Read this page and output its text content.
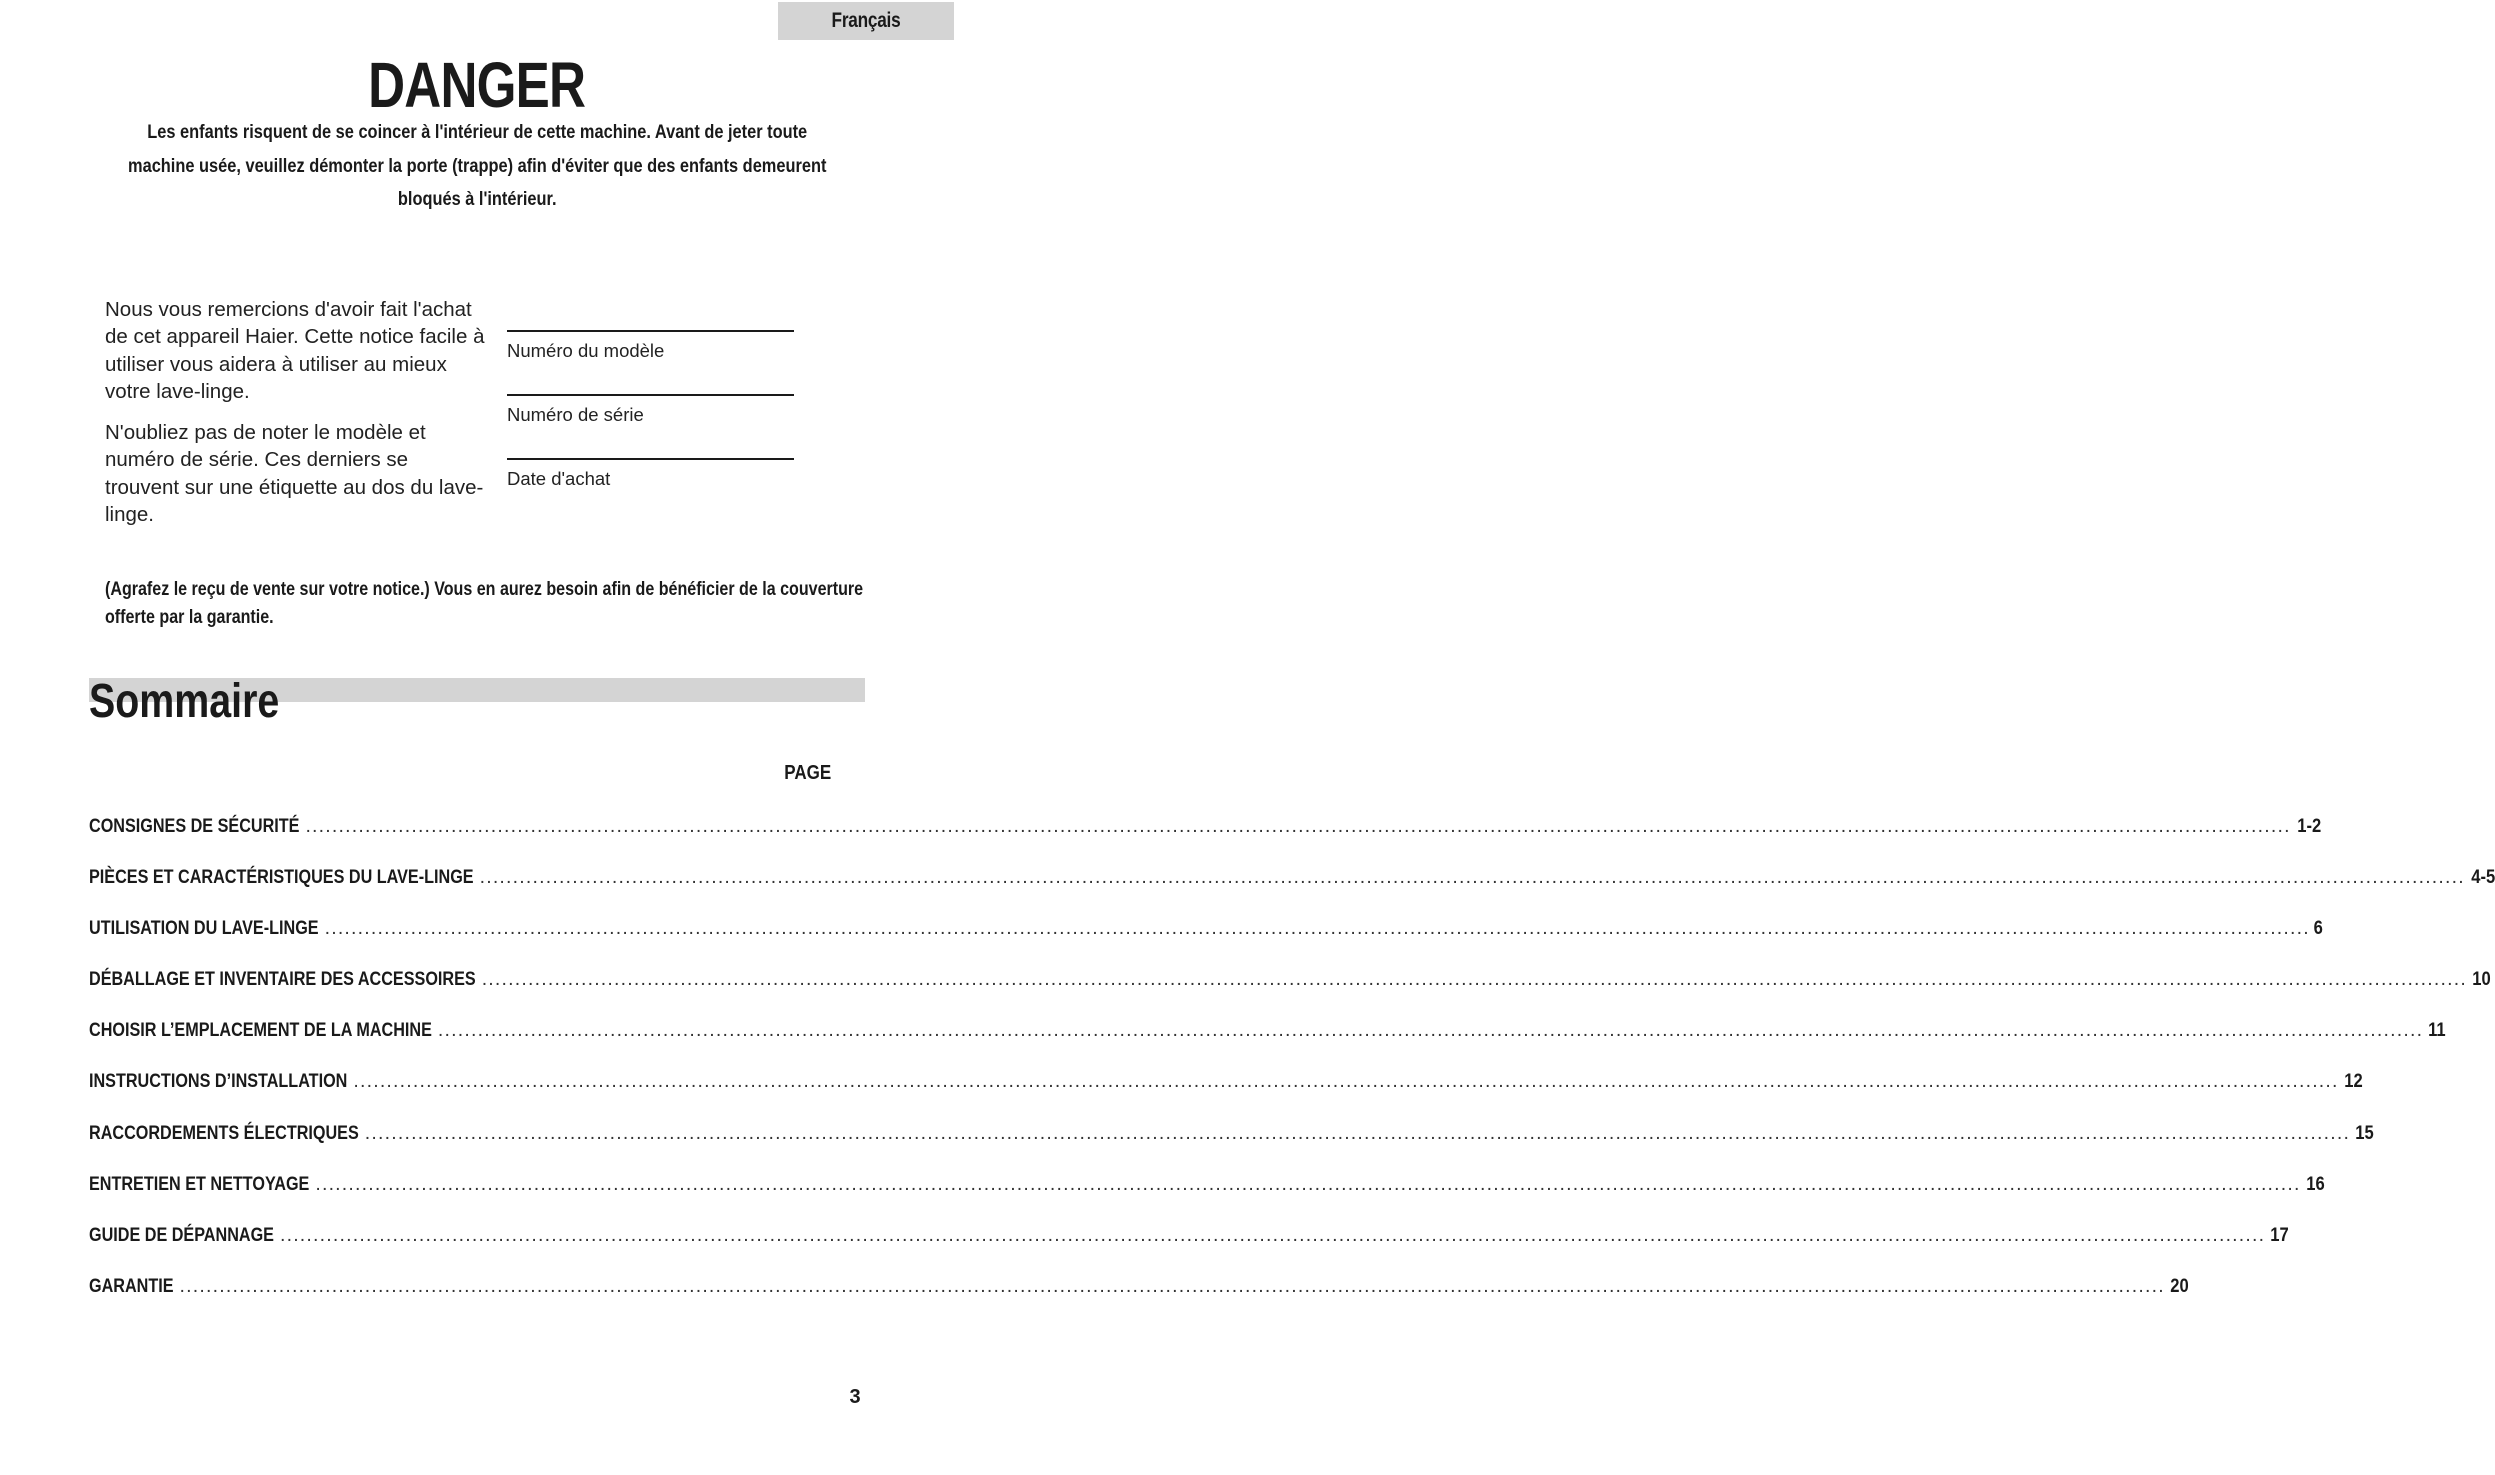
Français
DANGER
Les enfants risquent de se coincer à l'intérieur de cette machine. Avant de jeter toute
machine usée, veuillez démonter la porte (trappe) afin d'éviter que des enfants demeurent
bloqués à l'intérieur.

Nous vous remercions d'avoir fait l'achat de cet appareil Haier. Cette notice facile à utiliser vous aidera à utiliser au mieux votre lave-linge.

N'oubliez pas de noter le modèle et numéro de série. Ces derniers se trouvent sur une étiquette au dos du lave-linge.

Numéro du modèle
Numéro de série
Date d'achat
(Agrafez le reçu de vente sur votre notice.) Vous en aurez besoin afin de bénéficier de la couverture offerte par la garantie.
Sommaire
PAGE
CONSIGNES DE SÉCURITÉ ............................................................................................................................................................................................................................................................................................................ 1-2
PIÈCES ET CARACTÉRISTIQUES DU LAVE-LINGE ............................................................................................................................................................................................................................................................................................................ 4-5
UTILISATION DU LAVE-LINGE ............................................................................................................................................................................................................................................................................................................ 6
DÉBALLAGE ET INVENTAIRE DES ACCESSOIRES ............................................................................................................................................................................................................................................................................................................ 10
CHOISIR L’EMPLACEMENT DE LA MACHINE ............................................................................................................................................................................................................................................................................................................ 11
INSTRUCTIONS D’INSTALLATION ............................................................................................................................................................................................................................................................................................................ 12
RACCORDEMENTS ÉLECTRIQUES ............................................................................................................................................................................................................................................................................................................ 15
ENTRETIEN ET NETTOYAGE ............................................................................................................................................................................................................................................................................................................ 16
GUIDE DE DÉPANNAGE ............................................................................................................................................................................................................................................................................................................ 17
GARANTIE ............................................................................................................................................................................................................................................................................................................ 20
3
